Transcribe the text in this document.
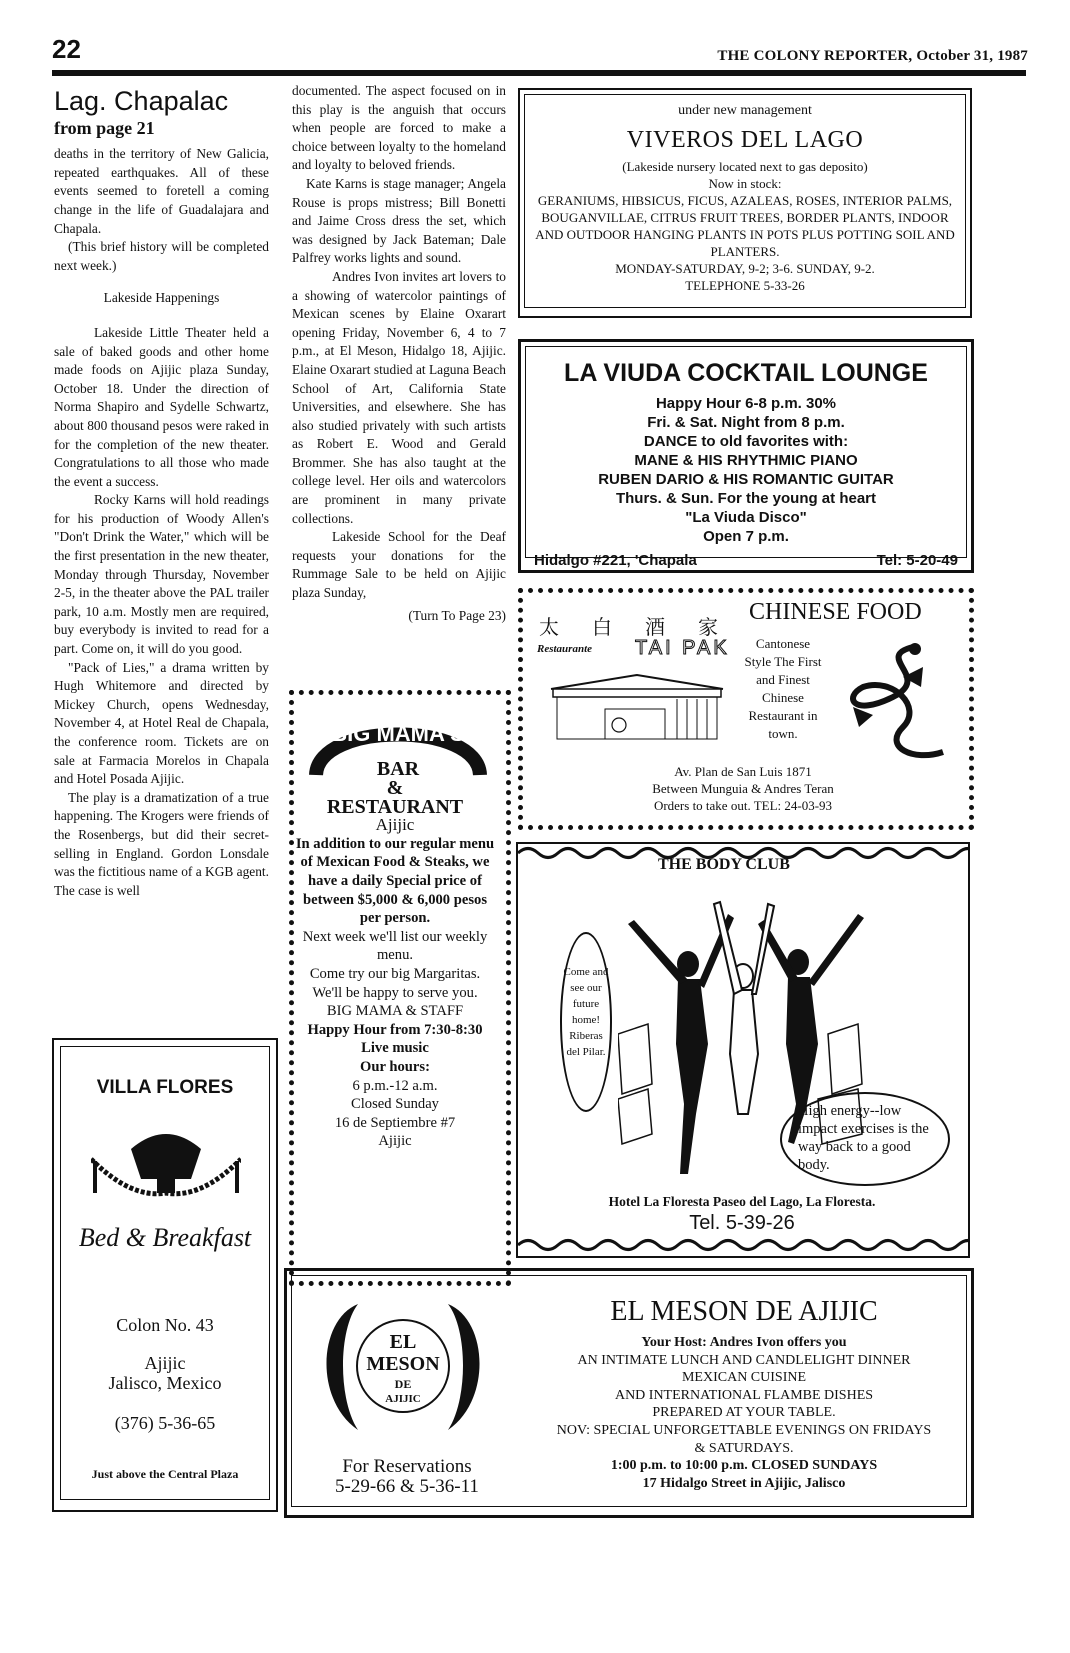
22	THE COLONY REPORTER, October 31, 1987
Lag. Chapalac
from page 21

deaths in the territory of New Galicia, repeated earthquakes. All of these events seemed to foretell a coming change in the life of Guadalajara and Chapala.

(This brief history will be completed next week.)

Lakeside Happenings

Lakeside Little Theater held a sale of baked goods and other home made foods on Ajijic plaza Sunday, October 18. Under the direction of Norma Shapiro and Sydelle Schwartz, about 800 thousand pesos were raked in for the completion of the new theater. Congratulations to all those who made the event a success.

Rocky Karns will hold readings for his production of Woody Allen's "Don't Drink the Water," which will be the first presentation in the new theater, Monday through Thursday, November 2-5, in the theater above the PAL trailer park, 10 a.m. Mostly men are required, buy everybody is invited to read for a part. Come on, it will do you good.

"Pack of Lies," a drama written by Hugh Whitemore and directed by Mickey Church, opens Wednesday, November 4, at Hotel Real de Chapala, the conference room. Tickets are on sale at Farmacia Morelos in Chapala and Hotel Posada Ajijic.

The play is a dramatization of a true happening. The Krogers were friends of the Rosenbergs, but did their secret-selling in England. Gordon Lonsdale was the fictitious name of a KGB agent. The case is well

documented. The aspect focused on in this play is the anguish that occurs when people are forced to make a choice between loyalty to the homeland and loyalty to beloved friends.

Kate Karns is stage manager; Angela Rouse is props mistress; Bill Bonetti and Jaime Cross dress the set, which was designed by Jack Bateman; Dale Palfrey works lights and sound.

Andres Ivon invites art lovers to a showing of watercolor paintings of Mexican scenes by Elaine Oxarart opening Friday, November 6, 4 to 7 p.m., at El Meson, Hidalgo 18, Ajijic. Elaine Oxarart studied at Laguna Beach School of Art, California State Universities, and elsewhere. She has also studied privately with such artists as Robert E. Wood and Gerald Brommer. She has also taught at the college level. Her oils and watercolors are prominent in many private collections.

Lakeside School for the Deaf requests your donations for the Rummage Sale to be held on Ajijic plaza Sunday,

(Turn To Page 23)

under new management
VIVEROS DEL LAGO
(Lakeside nursery located next to gas deposito)
Now in stock:
GERANIUMS, HIBSICUS, FICUS, AZALEAS, ROSES, INTERIOR PALMS, BOUGANVILLAE, CITRUS FRUIT TREES, BORDER PLANTS, INDOOR AND OUTDOOR HANGING PLANTS IN POTS PLUS POTTING SOIL AND PLANTERS.
MONDAY-SATURDAY, 9-2; 3-6. SUNDAY, 9-2.
TELEPHONE 5-33-26
LA VIUDA COCKTAIL LOUNGE
Happy Hour 6-8 p.m. 30%
Fri. & Sat. Night from 8 p.m.
DANCE to old favorites with:
MANE & HIS RHYTHMIC PIANO
RUBEN DARIO & HIS ROMANTIC GUITAR
Thurs. & Sun. For the young at heart
"La Viuda Disco"
Open 7 p.m.
Hidalgo #221, 'Chapala	Tel: 5-20-49
太 白 酒 家
Restaurante TAI PAK
CHINESE FOOD
Cantonese Style The First and Finest Chinese Restaurant in town.
Av. Plan de San Luis 1871
Between Munguia & Andres Teran
Orders to take out. TEL: 24-03-93
THE BODY CLUB
Come and see our future home! Riberas del Pilar.
High energy--low impact exercises is the way back to a good body.
Hotel La Floresta Paseo del Lago, La Floresta.
Tel. 5-39-26
BIG MAMA'S
BAR
&
RESTAURANT
Ajijic
In addition to our regular menu of Mexican Food & Steaks, we have a daily Special price of between $5,000 & 6,000 pesos per person.
Next week we'll list our weekly menu.
Come try our big Margaritas. We'll be happy to serve you.
BIG MAMA & STAFF
Happy Hour from 7:30-8:30
Live music
Our hours:
6 p.m.-12 a.m.
Closed Sunday
16 de Septiembre #7
Ajijic
VILLA FLORES
Bed & Breakfast
Colon No. 43
Ajijic
Jalisco, Mexico
(376) 5-36-65
Just above the Central Plaza
EL
MESON
DE
AJIJIC
For Reservations
5-29-66 & 5-36-11
EL MESON DE AJIJIC
Your Host: Andres Ivon offers you
AN INTIMATE LUNCH AND CANDLELIGHT DINNER
MEXICAN CUISINE
AND INTERNATIONAL FLAMBE DISHES
PREPARED AT YOUR TABLE.
NOV: SPECIAL UNFORGETTABLE EVENINGS ON FRIDAYS
& SATURDAYS.
1:00 p.m. to 10:00 p.m. CLOSED SUNDAYS
17 Hidalgo Street in Ajijic, Jalisco
